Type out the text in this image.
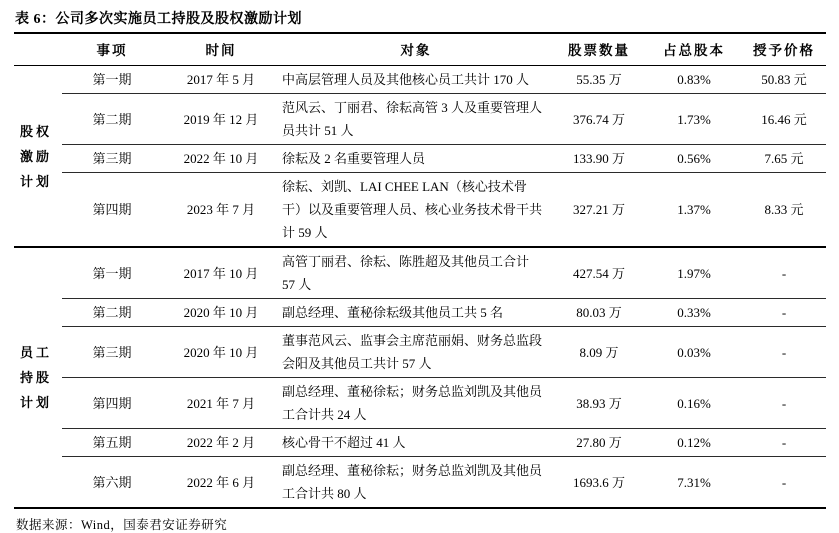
表 6：公司多次实施员工持股及股权激励计划
	事项	时间	对象	股票数量	占总股本	授予价格

股权
激励
计划	第一期	2017 年 5 月	中高层管理人员及其他核心员工共计 170 人	55.35 万	0.83%	50.83 元
	第二期	2019 年 12 月	范风云、丁丽君、徐耘高管 3 人及重要管理人员共计 51 人	376.74 万	1.73%	16.46 元
	第三期	2022 年 10 月	徐耘及 2 名重要管理人员	133.90 万	0.56%	7.65 元
	第四期	2023 年 7 月	徐耘、刘凯、LAI CHEE LAN（核心技术骨干）以及重要管理人员、核心业务技术骨干共计 59 人	327.21 万	1.37%	8.33 元

员工
持股
计划	第一期	2017 年 10 月	高管丁丽君、徐耘、陈胜超及其他员工合计 57 人	427.54 万	1.97%	-
	第二期	2020 年 10 月	副总经理、董秘徐耘级其他员工共 5 名	80.03 万	0.33%	-
	第三期	2020 年 10 月	董事范风云、监事会主席范丽娟、财务总监段会阳及其他员工共计 57 人	8.09 万	0.03%	-
	第四期	2021 年 7 月	副总经理、董秘徐耘；财务总监刘凯及其他员工合计共 24 人	38.93 万	0.16%	-
	第五期	2022 年 2 月	核心骨干不超过 41 人	27.80 万	0.12%	-
	第六期	2022 年 6 月	副总经理、董秘徐耘；财务总监刘凯及其他员工合计共 80 人	1693.6 万	7.31%	-
数据来源：Wind，国泰君安证券研究
